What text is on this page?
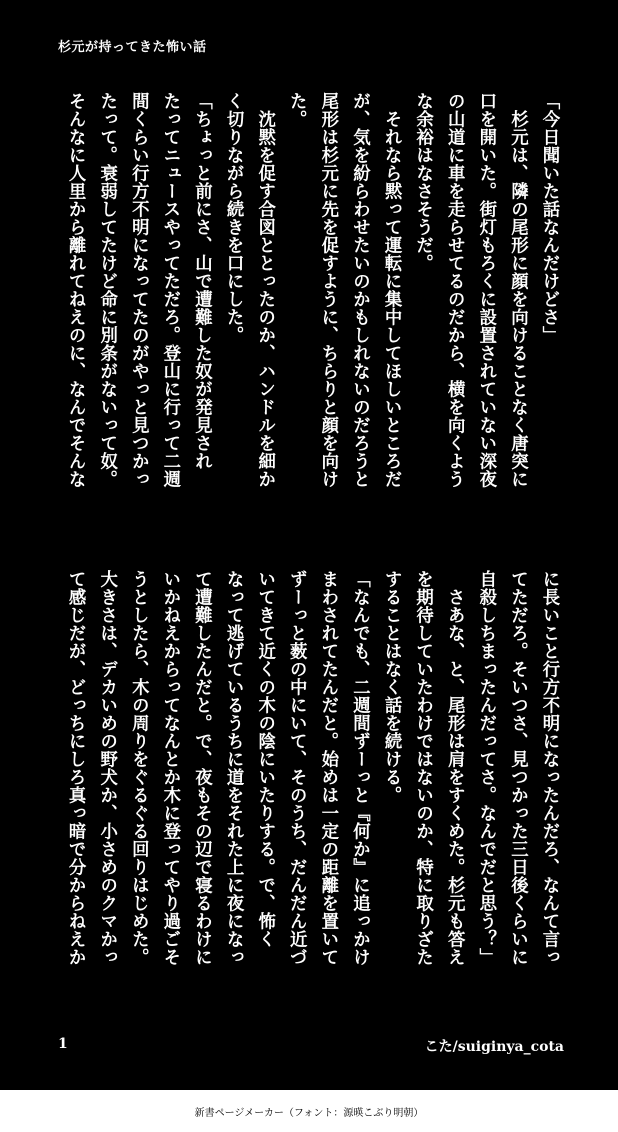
杉元が持ってきた怖い話
「今日聞いた話なんだけどさ」
　杉元は、隣の尾形に顔を向けることなく唐突に
口を開いた。街灯もろくに設置されていない深夜
の山道に車を走らせてるのだから、横を向くよう
な余裕はなさそうだ。
　それなら黙って運転に集中してほしいところだ
が、気を紛らわせたいのかもしれないのだろうと
尾形は杉元に先を促すように、ちらりと顔を向け
た。
　沈黙を促す合図ととったのか、ハンドルを細か
く切りながら続きを口にした。
「ちょっと前にさ、山で遭難した奴が発見され
たってニュースやってただろ。登山に行って二週
間くらい行方不明になってたのがやっと見つかっ
たって。衰弱してたけど命に別条がないって奴。
そんなに人里から離れてねえのに、なんでそんな
に長いこと行方不明になったんだろ、なんて言っ
てただろ。そいつさ、見つかった三日後くらいに
自殺しちまったんだってさ。なんでだと思う？」
　さあな、と、尾形は肩をすくめた。杉元も答え
を期待していたわけではないのか、特に取りざた
することはなく話を続ける。
「なんでも、二週間ずーっと『何か』に追っかけ
まわされてたんだと。始めは一定の距離を置いて
ずーっと薮の中にいて、そのうち、だんだん近づ
いてきて近くの木の陰にいたりする。で、怖く
なって逃げているうちに道をそれた上に夜になっ
て遭難したんだと。で、夜もその辺で寝るわけに
いかねえからってなんとか木に登ってやり過ごそ
うとしたら、木の周りをぐるぐる回りはじめた。
大きさは、デカいめの野犬か、小さめのクマかっ
て感じだが、どっちにしろ真っ暗で分からねえか
1	こた/suiginya_cota
新書ページメーカー（フォント：源暎こぶり明朝）
